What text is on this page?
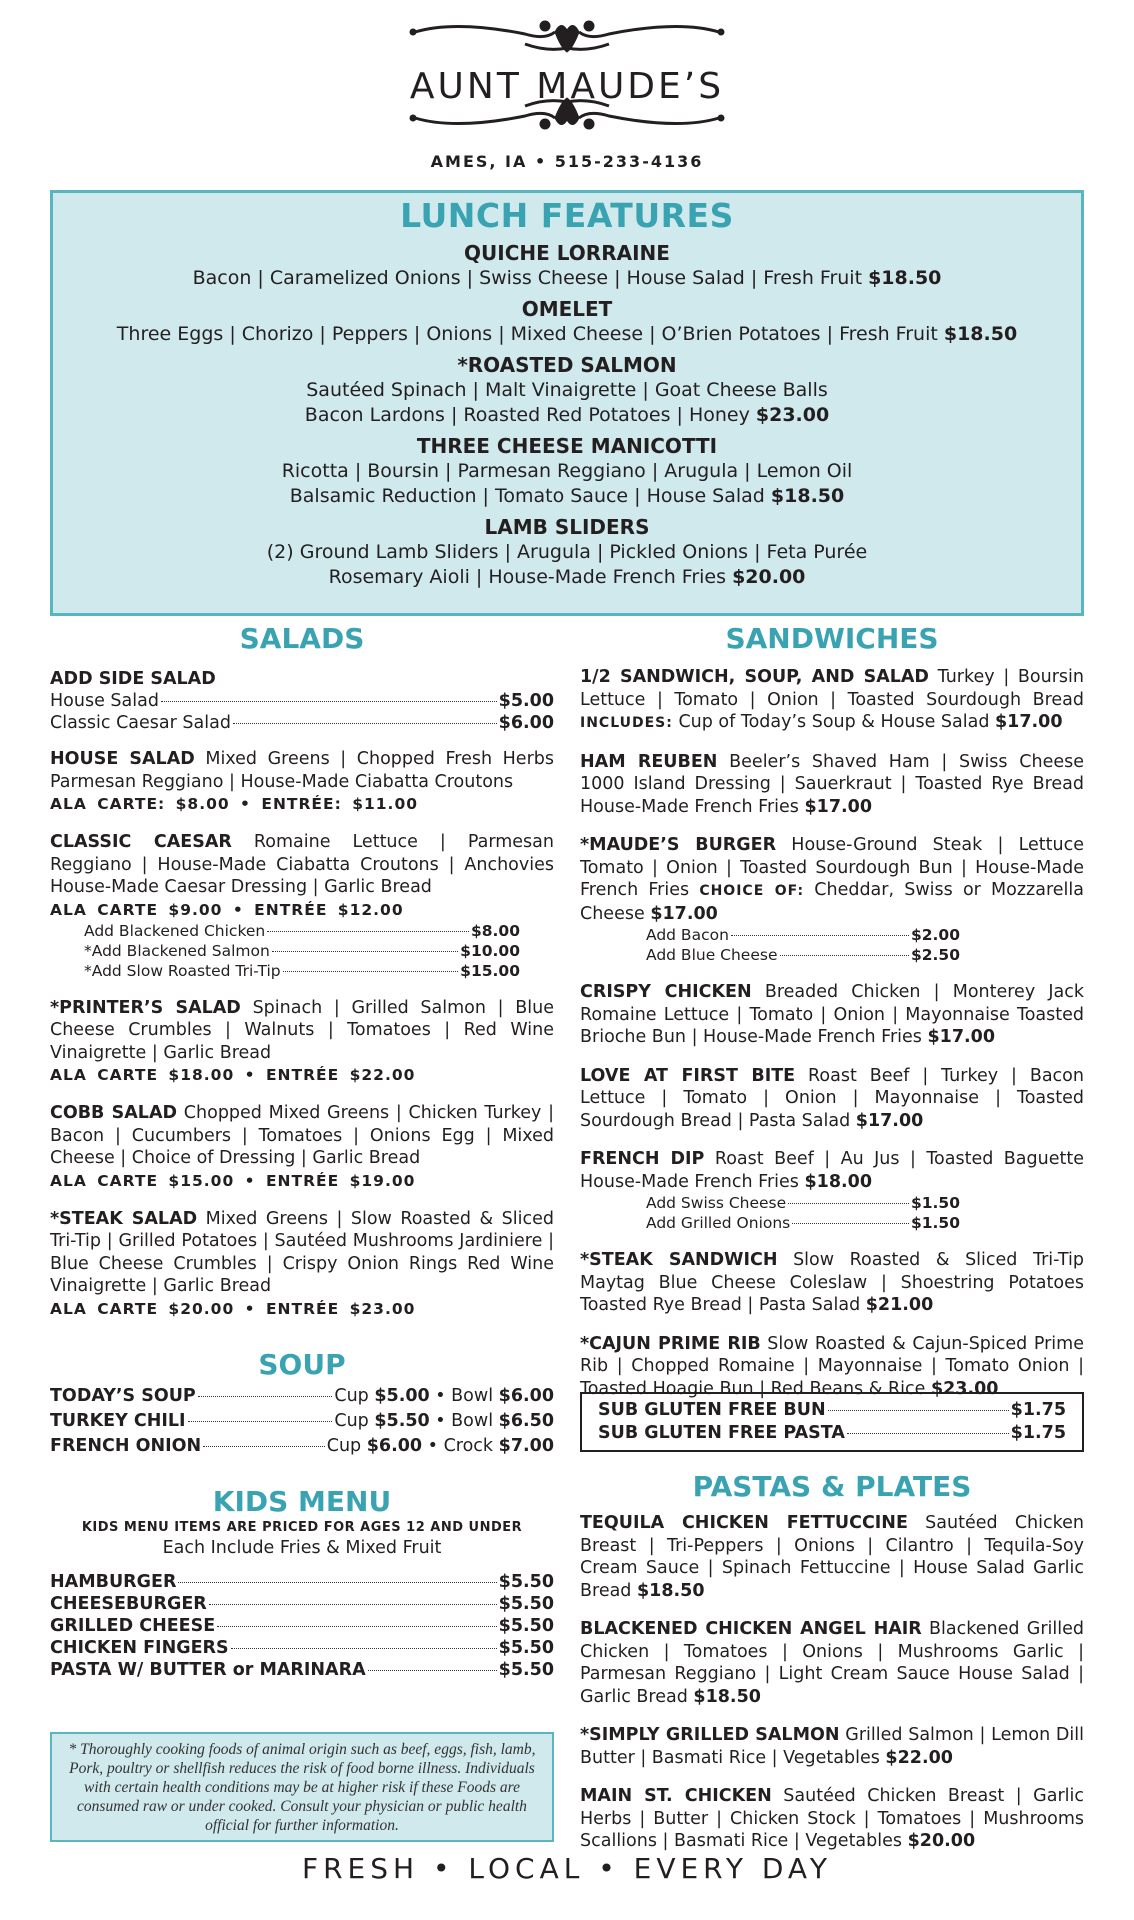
AUNT MAUDE’S
AMES, IA • 515-233-4136
LUNCH FEATURES
QUICHE LORRAINE
Bacon | Caramelized Onions | Swiss Cheese | House Salad | Fresh Fruit $18.50
OMELET
Three Eggs | Chorizo | Peppers | Onions | Mixed Cheese | O’Brien Potatoes | Fresh Fruit $18.50
*ROASTED SALMON
Sautéed Spinach | Malt Vinaigrette | Goat Cheese Balls
Bacon Lardons | Roasted Red Potatoes | Honey $23.00
THREE CHEESE MANICOTTI
Ricotta | Boursin | Parmesan Reggiano | Arugula | Lemon Oil
Balsamic Reduction | Tomato Sauce | House Salad $18.50
LAMB SLIDERS
(2) Ground Lamb Sliders | Arugula | Pickled Onions | Feta Purée
Rosemary Aioli | House-Made French Fries $20.00
SALADS
ADD SIDE SALAD
House Salad	$5.00
Classic Caesar Salad	$6.00
HOUSE SALAD Mixed Greens | Chopped Fresh Herbs Parmesan Reggiano | House-Made Ciabatta Croutons
ALA CARTE: $8.00 • ENTRÉE: $11.00
CLASSIC CAESAR Romaine Lettuce | Parmesan Reggiano | House-Made Ciabatta Croutons | Anchovies House-Made Caesar Dressing | Garlic Bread
ALA CARTE $9.00 • ENTRÉE $12.00
Add Blackened Chicken	$8.00
*Add Blackened Salmon	$10.00
*Add Slow Roasted Tri-Tip	$15.00
*PRINTER’S SALAD Spinach | Grilled Salmon | Blue Cheese Crumbles | Walnuts | Tomatoes | Red Wine Vinaigrette | Garlic Bread
ALA CARTE $18.00 • ENTRÉE $22.00
COBB SALAD Chopped Mixed Greens | Chicken Turkey | Bacon | Cucumbers | Tomatoes | Onions Egg | Mixed Cheese | Choice of Dressing | Garlic Bread
ALA CARTE $15.00 • ENTRÉE $19.00
*STEAK SALAD Mixed Greens | Slow Roasted & Sliced Tri-Tip | Grilled Potatoes | Sautéed Mushrooms Jardiniere | Blue Cheese Crumbles | Crispy Onion Rings Red Wine Vinaigrette | Garlic Bread
ALA CARTE $20.00 • ENTRÉE $23.00
SOUP
TODAY’S SOUP	Cup $5.00 • Bowl $6.00
TURKEY CHILI	Cup $5.50 • Bowl $6.50
FRENCH ONION	Cup $6.00 • Crock $7.00
KIDS MENU
KIDS MENU ITEMS ARE PRICED FOR AGES 12 AND UNDER
Each Include Fries & Mixed Fruit
HAMBURGER	$5.50
CHEESEBURGER	$5.50
GRILLED CHEESE	$5.50
CHICKEN FINGERS	$5.50
PASTA W/ BUTTER or MARINARA	$5.50
* Thoroughly cooking foods of animal origin such as beef, eggs, fish, lamb, Pork, poultry or shellfish reduces the risk of food borne illness. Individuals with certain health conditions may be at higher risk if these Foods are consumed raw or under cooked. Consult your physician or public health official for further information.
SANDWICHES
1/2 SANDWICH, SOUP, AND SALAD Turkey | Boursin Lettuce | Tomato | Onion | Toasted Sourdough Bread INCLUDES: Cup of Today’s Soup & House Salad $17.00
HAM REUBEN Beeler’s Shaved Ham | Swiss Cheese 1000 Island Dressing | Sauerkraut | Toasted Rye Bread House-Made French Fries $17.00
*MAUDE’S BURGER House-Ground Steak | Lettuce Tomato | Onion | Toasted Sourdough Bun | House-Made French Fries CHOICE OF: Cheddar, Swiss or Mozzarella Cheese $17.00
Add Bacon	$2.00
Add Blue Cheese	$2.50
CRISPY CHICKEN Breaded Chicken | Monterey Jack Romaine Lettuce | Tomato | Onion | Mayonnaise Toasted Brioche Bun | House-Made French Fries $17.00
LOVE AT FIRST BITE Roast Beef | Turkey | Bacon Lettuce | Tomato | Onion | Mayonnaise | Toasted Sourdough Bread | Pasta Salad $17.00
FRENCH DIP Roast Beef | Au Jus | Toasted Baguette House-Made French Fries $18.00
Add Swiss Cheese	$1.50
Add Grilled Onions	$1.50
*STEAK SANDWICH Slow Roasted & Sliced Tri-Tip Maytag Blue Cheese Coleslaw | Shoestring Potatoes Toasted Rye Bread | Pasta Salad $21.00
*CAJUN PRIME RIB Slow Roasted & Cajun-Spiced Prime Rib | Chopped Romaine | Mayonnaise | Tomato Onion | Toasted Hoagie Bun | Red Beans & Rice $23.00
SUB GLUTEN FREE BUN	$1.75
SUB GLUTEN FREE PASTA	$1.75
PASTAS & PLATES
TEQUILA CHICKEN FETTUCCINE Sautéed Chicken Breast | Tri-Peppers | Onions | Cilantro | Tequila-Soy Cream Sauce | Spinach Fettuccine | House Salad Garlic Bread $18.50
BLACKENED CHICKEN ANGEL HAIR Blackened Grilled Chicken | Tomatoes | Onions | Mushrooms Garlic | Parmesan Reggiano | Light Cream Sauce House Salad | Garlic Bread $18.50
*SIMPLY GRILLED SALMON Grilled Salmon | Lemon Dill Butter | Basmati Rice | Vegetables $22.00
MAIN ST. CHICKEN Sautéed Chicken Breast | Garlic Herbs | Butter | Chicken Stock | Tomatoes | Mushrooms Scallions | Basmati Rice | Vegetables $20.00
FRESH • LOCAL • EVERY DAY
